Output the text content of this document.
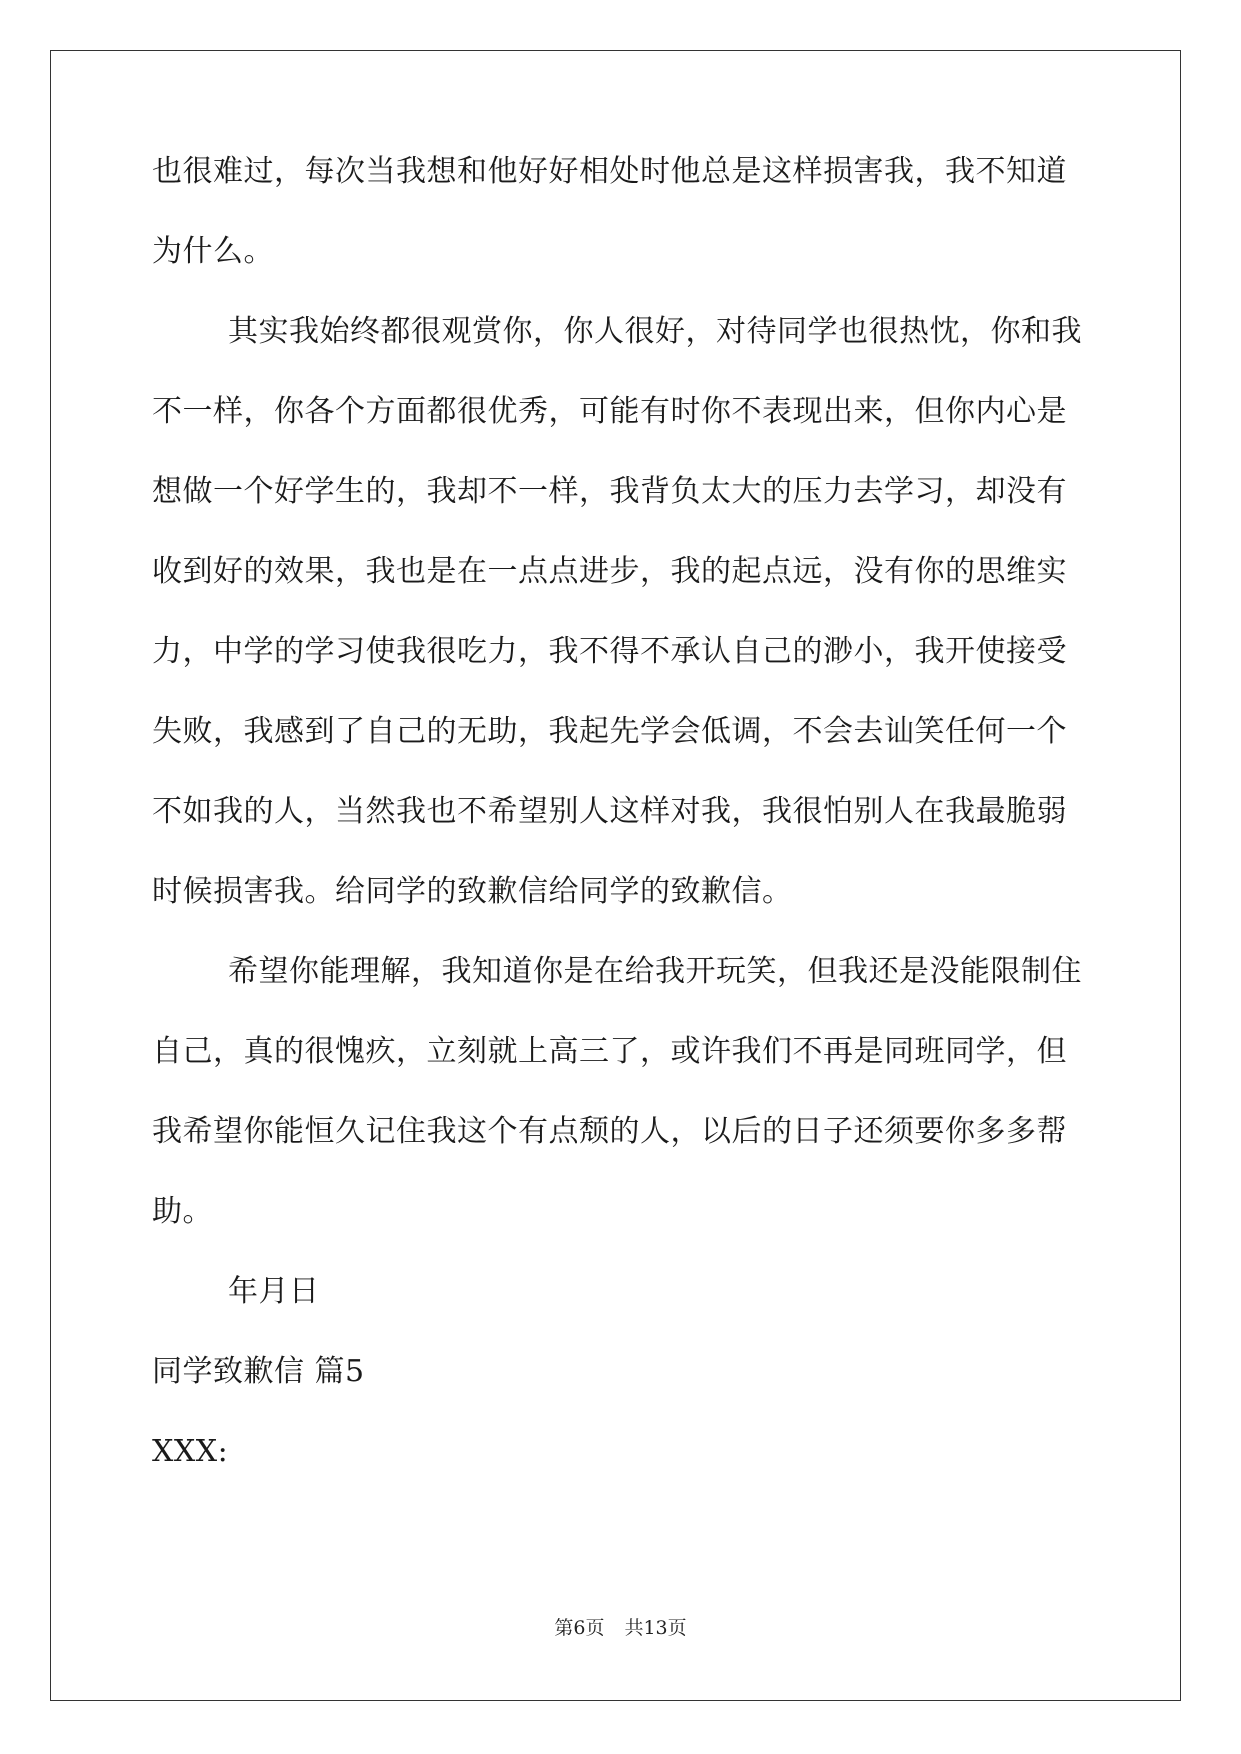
也很难过，每次当我想和他好好相处时他总是这样损害我，我不知道
为什么。
其实我始终都很观赏你，你人很好，对待同学也很热忱，你和我
不一样，你各个方面都很优秀，可能有时你不表现出来，但你内心是
想做一个好学生的，我却不一样，我背负太大的压力去学习，却没有
收到好的效果，我也是在一点点进步，我的起点远，没有你的思维实
力，中学的学习使我很吃力，我不得不承认自己的渺小，我开使接受
失败，我感到了自己的无助，我起先学会低调，不会去讪笑任何一个
不如我的人，当然我也不希望别人这样对我，我很怕别人在我最脆弱
时候损害我。给同学的致歉信给同学的致歉信。
希望你能理解，我知道你是在给我开玩笑，但我还是没能限制住
自己，真的很愧疚，立刻就上高三了，或许我们不再是同班同学，但
我希望你能恒久记住我这个有点颓的人，以后的日子还须要你多多帮
助。
年月日
同学致歉信 篇5
XXX:
第6页 共13页
